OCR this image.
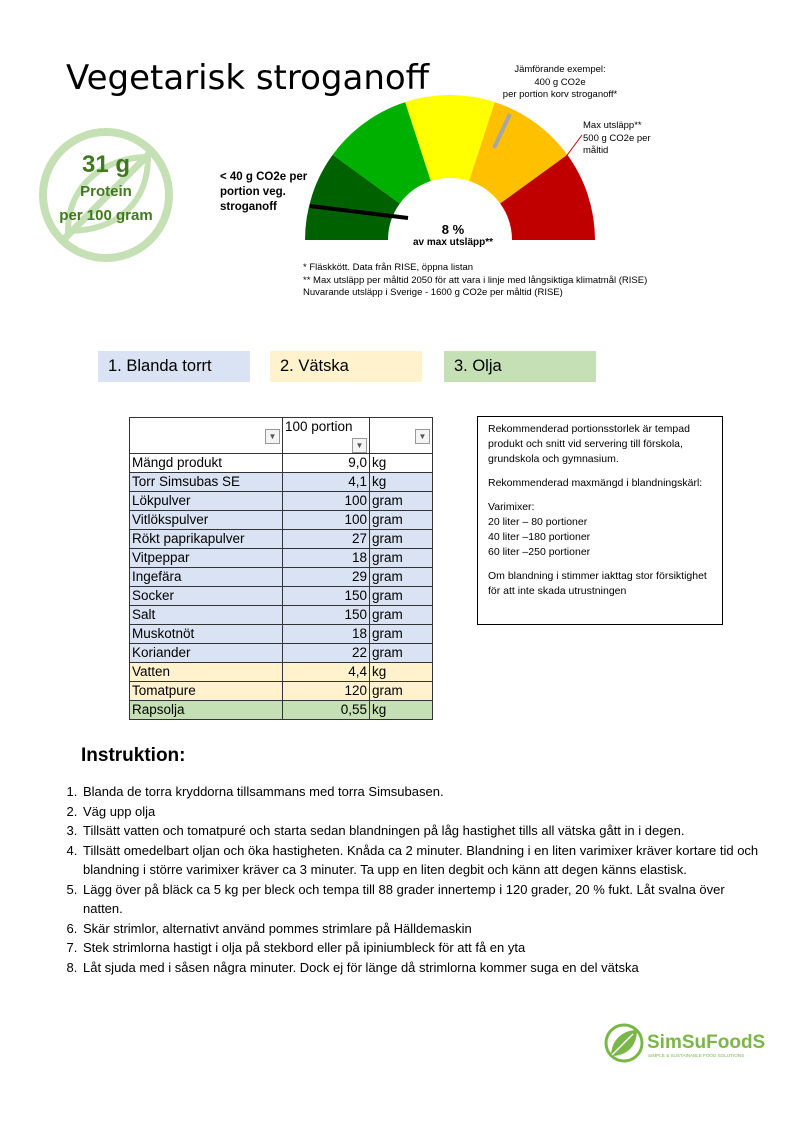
Vegetarisk stroganoff
31 g
Protein
per 100 gram
< 40 g CO2e per portion veg. stroganoff
Jämförande exempel:
400 g CO2e
per portion korv stroganoff*
Max utsläpp**
500 g CO2e per
måltid
8 %
av max utsläpp**
* Fläskkött. Data från RISE, öppna listan
** Max utsläpp per måltid 2050 för att vara i linje med långsiktiga klimatmål (RISE)
Nuvarande utsläpp i Sverige - 1600 g CO2e per måltid (RISE)
1. Blanda torrt	2. Vätska	3. Olja
▼	100 portion
▼	▼

Mängd produkt	9,0	kg
Torr Simsubas SE	4,1	kg
Lökpulver	100	gram
Vitlökspulver	100	gram
Rökt paprikapulver	27	gram
Vitpeppar	18	gram
Ingefära	29	gram
Socker	150	gram
Salt	150	gram
Muskotnöt	18	gram
Koriander	22	gram
Vatten	4,4	kg
Tomatpure	120	gram
Rapsolja	0,55	kg

Rekommenderad portionsstorlek är tempad produkt och snitt vid servering till förskola, grundskola och gymnasium.

Rekommenderad maxmängd i blandningskärl:

Varimixer:
20 liter – 80 portioner
40 liter –180 portioner
60 liter –250 portioner

Om blandning i stimmer iakttag stor försiktighet för att inte skada utrustningen

Instruktion:
1. Blanda de torra kryddorna tillsammans med torra Simsubasen.
2. Väg upp olja
3. Tillsätt vatten och tomatpuré och starta sedan blandningen på låg hastighet tills all vätska gått in i degen.
4. Tillsätt omedelbart oljan och öka hastigheten. Knåda ca 2 minuter. Blandning i en liten varimixer kräver kortare tid och blandning i större varimixer kräver ca 3 minuter. Ta upp en liten degbit och känn att degen känns elastisk.
5. Lägg över på bläck ca 5 kg per bleck och tempa till 88 grader innertemp i 120 grader, 20 % fukt. Låt svalna över natten.
6. Skär strimlor, alternativt använd pommes strimlare på Hälldemaskin
7. Stek strimlorna hastigt i olja på stekbord eller på ipiniumbleck för att få en yta
8. Låt sjuda med i såsen några minuter. Dock ej för länge då strimlorna kommer suga en del vätska
SimSuFoodS
SIMPLE & SUSTAINABLE FOOD SOLUTIONS
